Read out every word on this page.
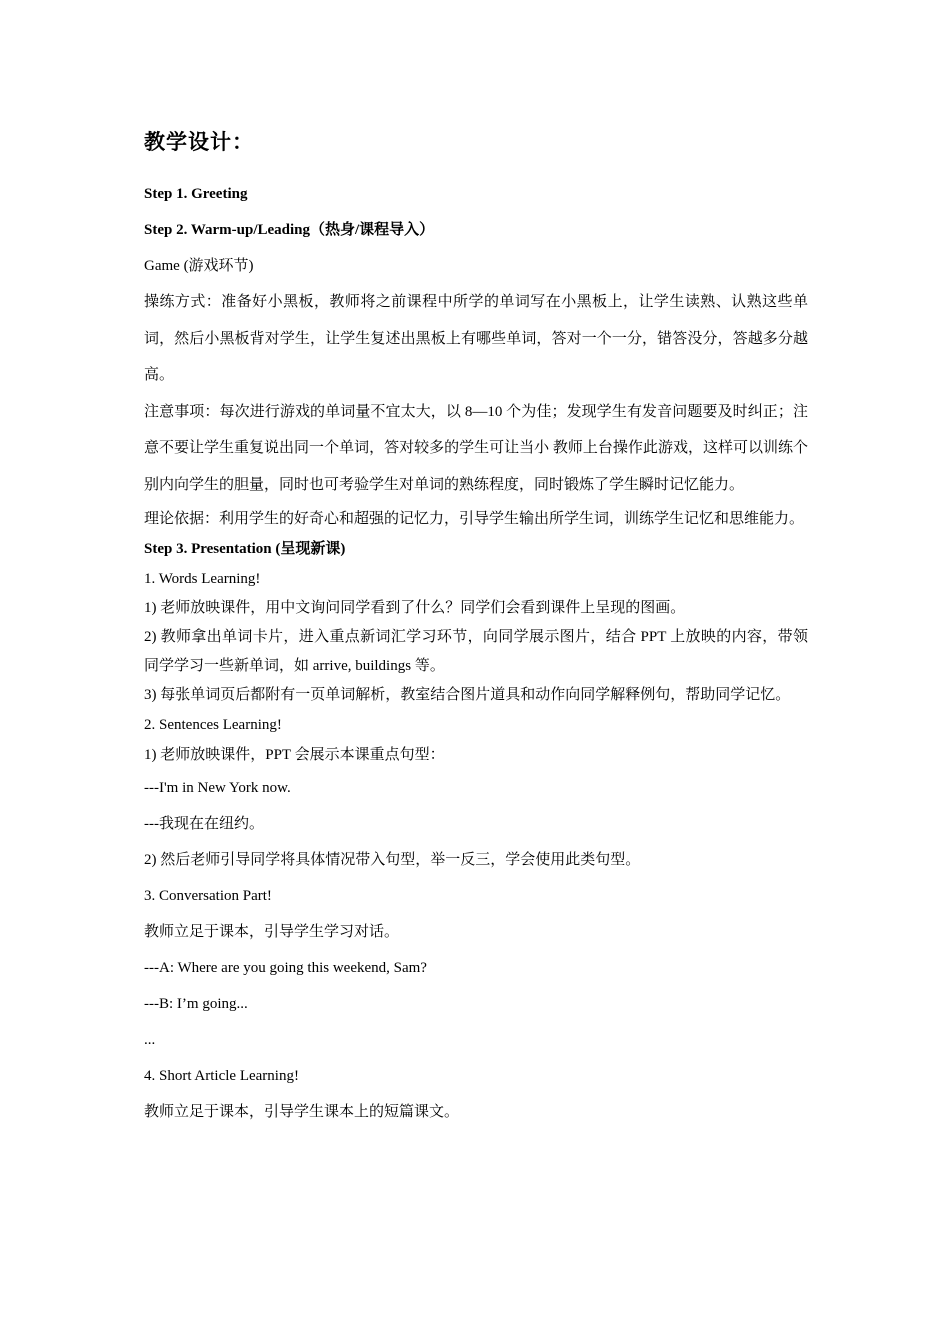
教学设计：

Step 1. Greeting

Step 2. Warm-up/Leading（热身/课程导入）

Game (游戏环节)

操练方式：准备好小黑板，教师将之前课程中所学的单词写在小黑板上，让学生读熟、认熟这些单词，然后小黑板背对学生，让学生复述出黑板上有哪些单词，答对一个一分，错答没分，答越多分越高。

注意事项：每次进行游戏的单词量不宜太大，以 8—10 个为佳；发现学生有发音问题要及时纠正；注意不要让学生重复说出同一个单词，答对较多的学生可让当小 教师上台操作此游戏，这样可以训练个别内向学生的胆量，同时也可考验学生对单词的熟练程度，同时锻炼了学生瞬时记忆能力。

理论依据：利用学生的好奇心和超强的记忆力，引导学生输出所学生词，训练学生记忆和思维能力。

Step 3. Presentation (呈现新课)

1. Words Learning!

1) 老师放映课件，用中文询问同学看到了什么？同学们会看到课件上呈现的图画。

2) 教师拿出单词卡片，进入重点新词汇学习环节，向同学展示图片，结合 PPT 上放映的内容，带领同学学习一些新单词，如 arrive, buildings 等。

3) 每张单词页后都附有一页单词解析，教室结合图片道具和动作向同学解释例句，帮助同学记忆。

2. Sentences Learning!

1) 老师放映课件，PPT 会展示本课重点句型：

---I'm in New York now.

---我现在在纽约。

2) 然后老师引导同学将具体情况带入句型，举一反三，学会使用此类句型。

3. Conversation Part!

教师立足于课本，引导学生学习对话。

---A: Where are you going this weekend, Sam?

---B: I’m going...

...

4. Short Article Learning!

教师立足于课本，引导学生课本上的短篇课文。
